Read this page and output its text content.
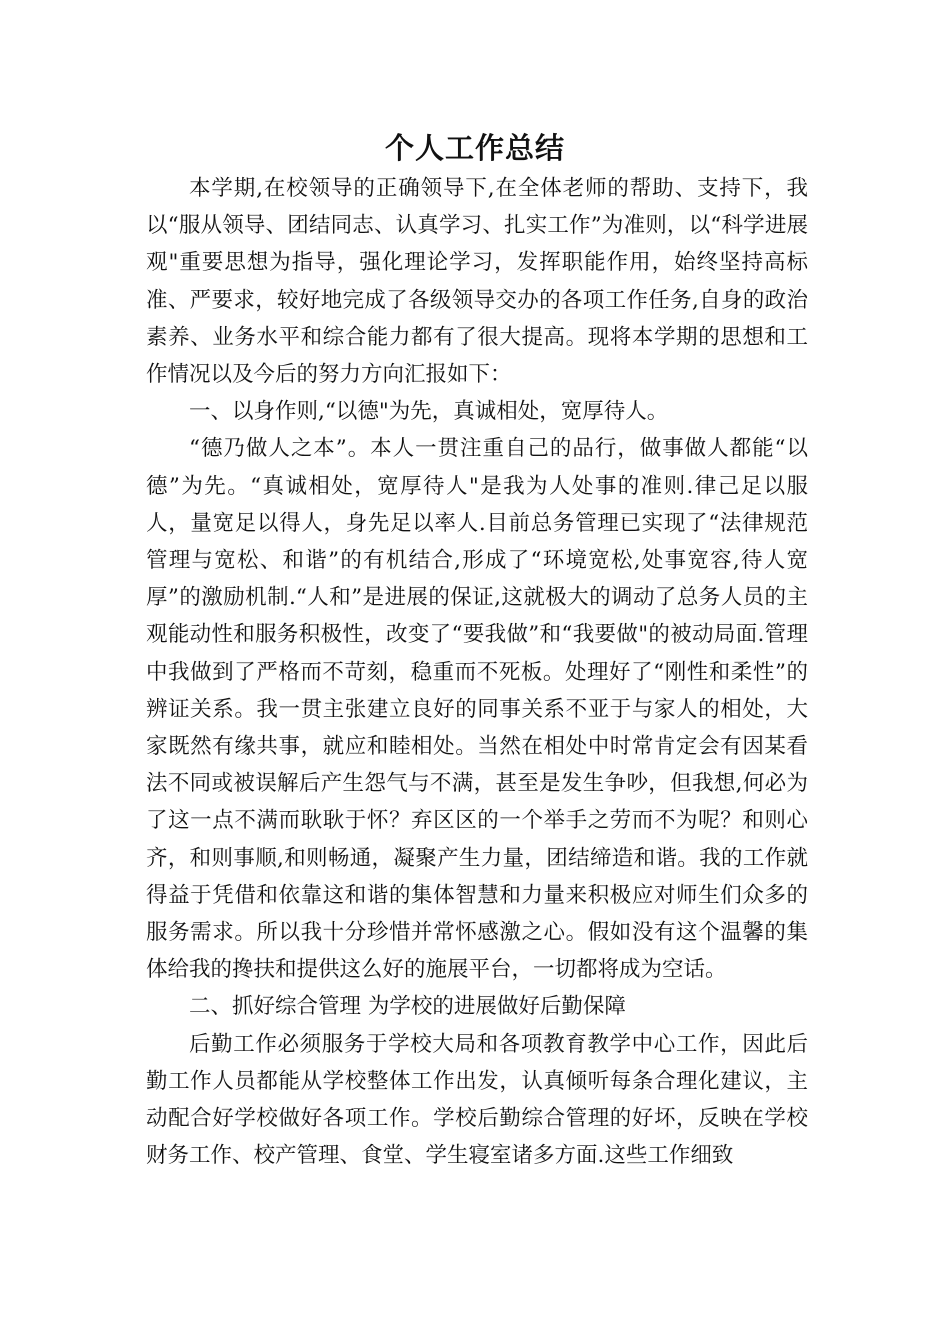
个人工作总结

本学期,在校领导的正确领导下,在全体老师的帮助、支持下，我以“服从领导、团结同志、认真学习、扎实工作”为准则，以“科学进展观"重要思想为指导，强化理论学习，发挥职能作用，始终坚持高标准、严要求，较好地完成了各级领导交办的各项工作任务,自身的政治素养、业务水平和综合能力都有了很大提高。现将本学期的思想和工作情况以及今后的努力方向汇报如下：

一、以身作则,“以德"为先，真诚相处，宽厚待人。

“德乃做人之本”。本人一贯注重自己的品行，做事做人都能“以德”为先。“真诚相处，宽厚待人"是我为人处事的准则.律己足以服人，量宽足以得人，身先足以率人.目前总务管理已实现了“法律规范管理与宽松、和谐”的有机结合,形成了“环境宽松,处事宽容,待人宽厚”的激励机制.“人和”是进展的保证,这就极大的调动了总务人员的主观能动性和服务积极性，改变了“要我做”和“我要做"的被动局面.管理中我做到了严格而不苛刻，稳重而不死板。处理好了“刚性和柔性”的辨证关系。我一贯主张建立良好的同事关系不亚于与家人的相处，大家既然有缘共事，就应和睦相处。当然在相处中时常肯定会有因某看法不同或被误解后产生怨气与不满，甚至是发生争吵，但我想,何必为了这一点不满而耿耿于怀？弃区区的一个举手之劳而不为呢？和则心齐，和则事顺,和则畅通，凝聚产生力量，团结缔造和谐。我的工作就得益于凭借和依靠这和谐的集体智慧和力量来积极应对师生们众多的服务需求。所以我十分珍惜并常怀感激之心。假如没有这个温馨的集体给我的搀扶和提供这么好的施展平台，一切都将成为空话。

二、抓好综合管理 为学校的进展做好后勤保障

后勤工作必须服务于学校大局和各项教育教学中心工作，因此后勤工作人员都能从学校整体工作出发，认真倾听每条合理化建议，主动配合好学校做好各项工作。学校后勤综合管理的好坏，反映在学校财务工作、校产管理、食堂、学生寝室诸多方面.这些工作细致
